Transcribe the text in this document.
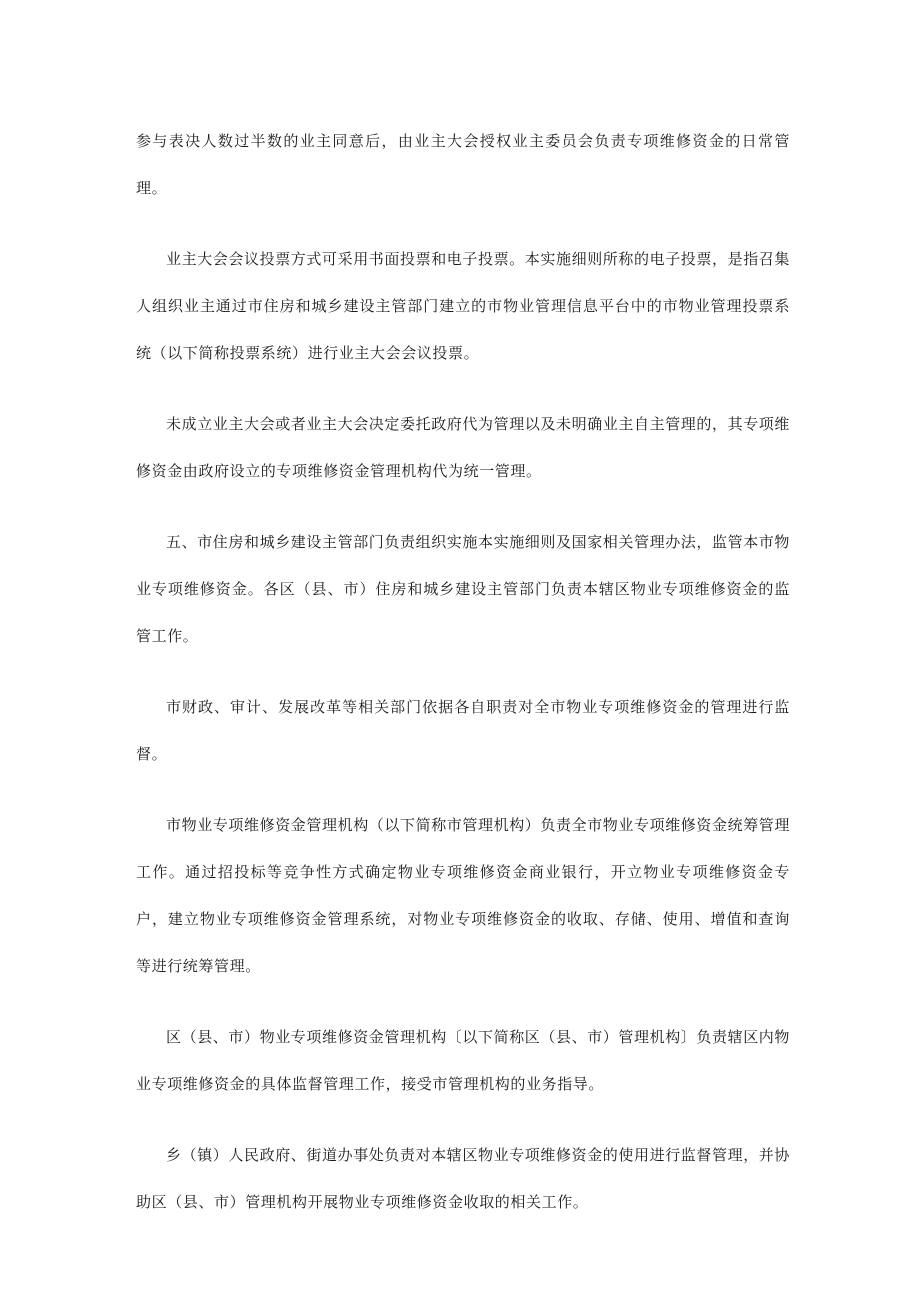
参与表决人数过半数的业主同意后，由业主大会授权业主委员会负责专项维修资金的日常管理。

业主大会会议投票方式可采用书面投票和电子投票。本实施细则所称的电子投票，是指召集人组织业主通过市住房和城乡建设主管部门建立的市物业管理信息平台中的市物业管理投票系统（以下简称投票系统）进行业主大会会议投票。

未成立业主大会或者业主大会决定委托政府代为管理以及未明确业主自主管理的，其专项维修资金由政府设立的专项维修资金管理机构代为统一管理。

五、市住房和城乡建设主管部门负责组织实施本实施细则及国家相关管理办法，监管本市物业专项维修资金。各区（县、市）住房和城乡建设主管部门负责本辖区物业专项维修资金的监管工作。

市财政、审计、发展改革等相关部门依据各自职责对全市物业专项维修资金的管理进行监督。

市物业专项维修资金管理机构（以下简称市管理机构）负责全市物业专项维修资金统筹管理工作。通过招投标等竞争性方式确定物业专项维修资金商业银行，开立物业专项维修资金专户，建立物业专项维修资金管理系统，对物业专项维修资金的收取、存储、使用、增值和查询等进行统筹管理。

区（县、市）物业专项维修资金管理机构〔以下简称区（县、市）管理机构〕负责辖区内物业专项维修资金的具体监督管理工作，接受市管理机构的业务指导。

乡（镇）人民政府、街道办事处负责对本辖区物业专项维修资金的使用进行监督管理，并协助区（县、市）管理机构开展物业专项维修资金收取的相关工作。
